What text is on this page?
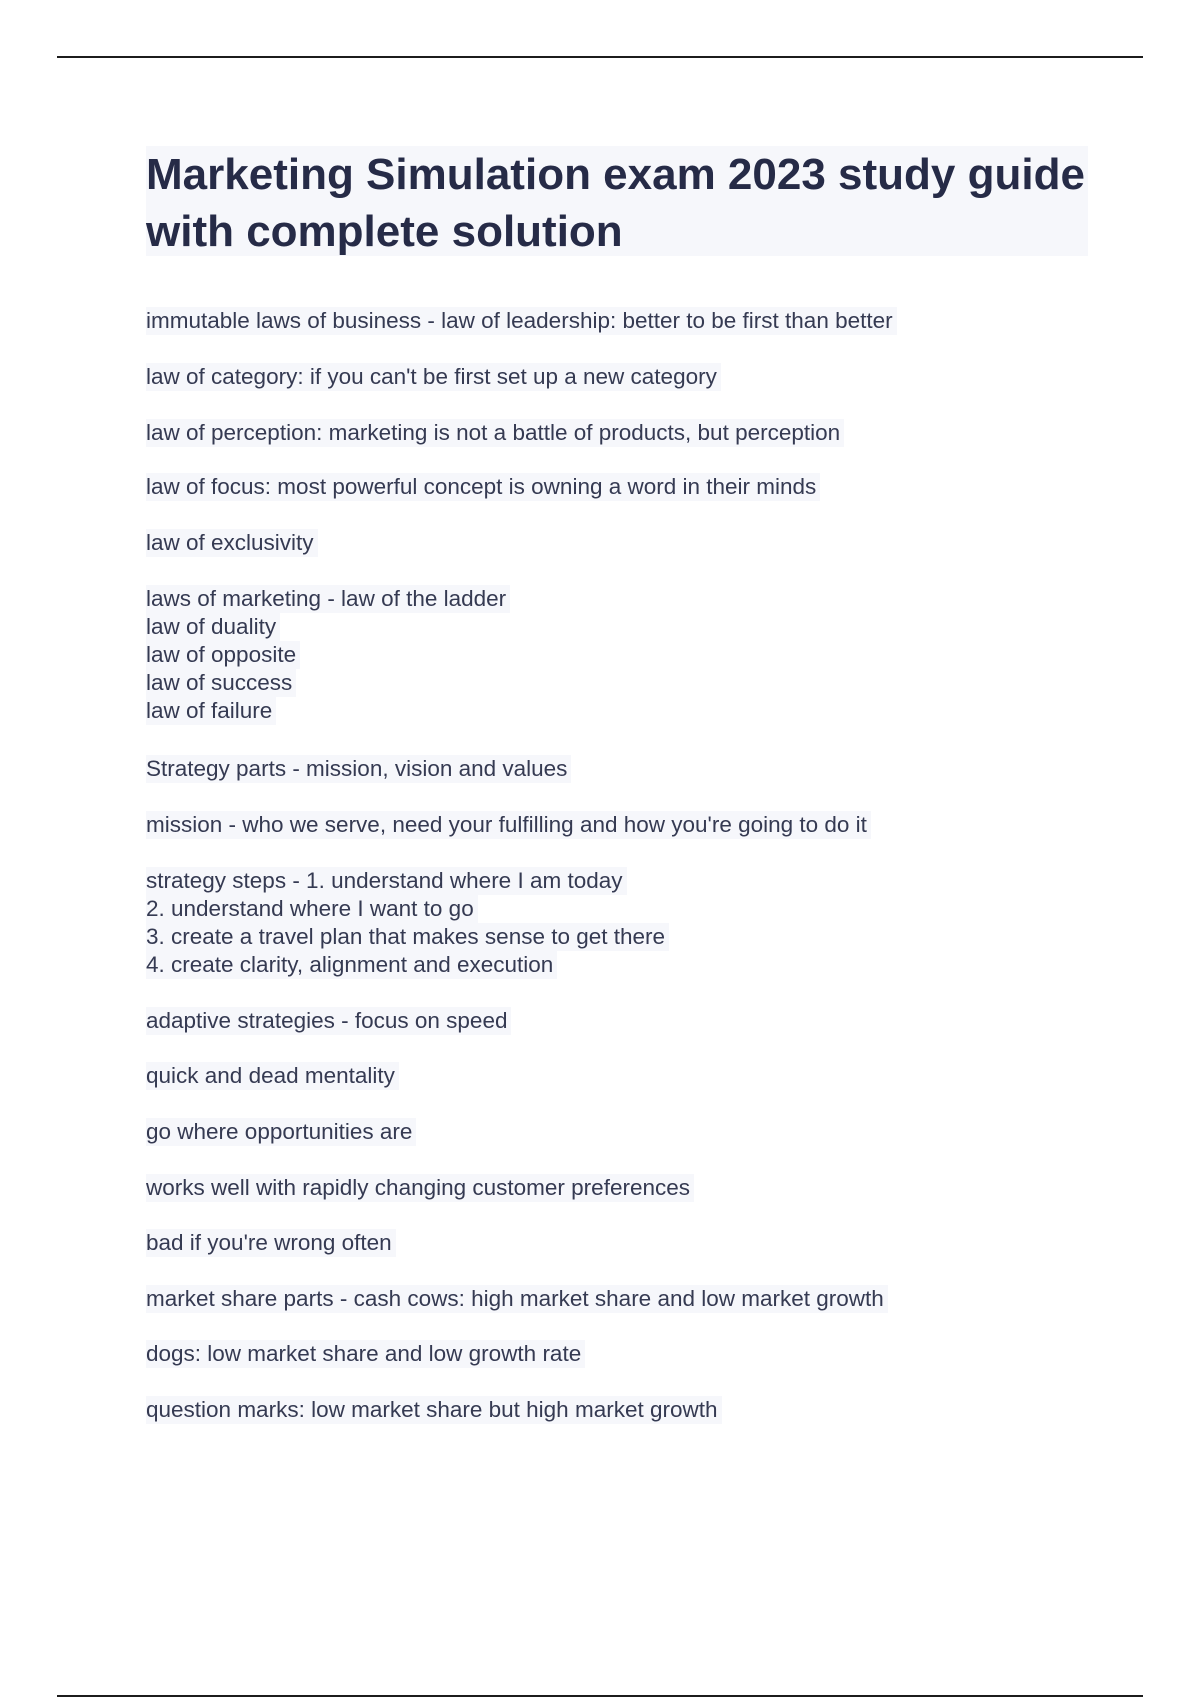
Marketing Simulation exam 2023 study guide with complete solution
immutable laws of business - law of leadership: better to be first than better
law of category: if you can't be first set up a new category
law of perception: marketing is not a battle of products, but perception
law of focus: most powerful concept is owning a word in their minds
law of exclusivity
laws of marketing - law of the ladder
law of duality
law of opposite
law of success
law of failure
Strategy parts - mission, vision and values
mission - who we serve, need your fulfilling and how you're going to do it
strategy steps - 1. understand where I am today
2. understand where I want to go
3. create a travel plan that makes sense to get there
4. create clarity, alignment and execution
adaptive strategies - focus on speed
quick and dead mentality
go where opportunities are
works well with rapidly changing customer preferences
bad if you're wrong often
market share parts - cash cows: high market share and low market growth
dogs: low market share and low growth rate
question marks: low market share but high market growth
